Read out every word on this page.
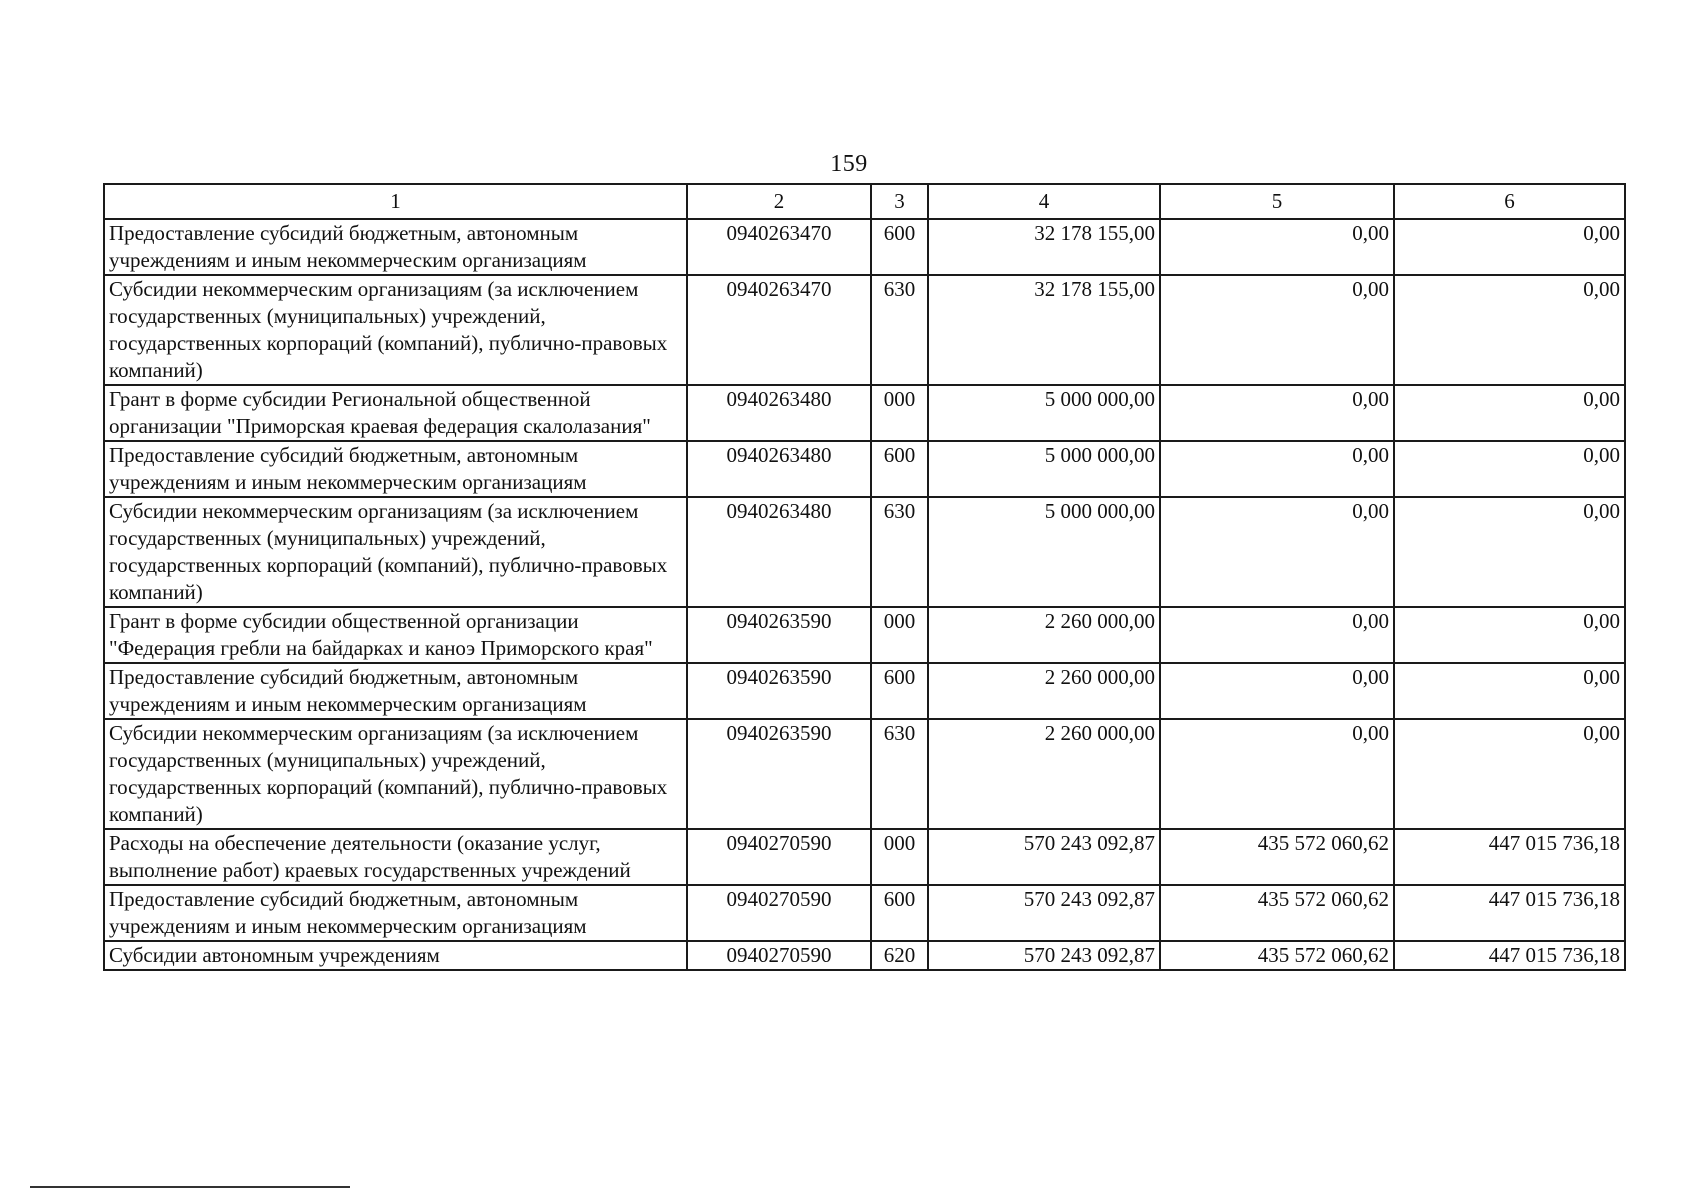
159
1	2	3	4	5	6
Предоставление субсидий бюджетным, автономным учреждениям и иным некоммерческим организациям	0940263470	600	32 178 155,00	0,00	0,00
Субсидии некоммерческим организациям (за исключением государственных (муниципальных) учреждений, государственных корпораций (компаний), публично-правовых компаний)	0940263470	630	32 178 155,00	0,00	0,00
Грант в форме субсидии Региональной общественной организации "Приморская краевая федерация скалолазания"	0940263480	000	5 000 000,00	0,00	0,00
Предоставление субсидий бюджетным, автономным учреждениям и иным некоммерческим организациям	0940263480	600	5 000 000,00	0,00	0,00
Субсидии некоммерческим организациям (за исключением государственных (муниципальных) учреждений, государственных корпораций (компаний), публично-правовых компаний)	0940263480	630	5 000 000,00	0,00	0,00
Грант в форме субсидии общественной организации "Федерация гребли на байдарках и каноэ Приморского края"	0940263590	000	2 260 000,00	0,00	0,00
Предоставление субсидий бюджетным, автономным учреждениям и иным некоммерческим организациям	0940263590	600	2 260 000,00	0,00	0,00
Субсидии некоммерческим организациям (за исключением государственных (муниципальных) учреждений, государственных корпораций (компаний), публично-правовых компаний)	0940263590	630	2 260 000,00	0,00	0,00
Расходы на обеспечение деятельности (оказание услуг, выполнение работ) краевых государственных учреждений	0940270590	000	570 243 092,87	435 572 060,62	447 015 736,18
Предоставление субсидий бюджетным, автономным учреждениям и иным некоммерческим организациям	0940270590	600	570 243 092,87	435 572 060,62	447 015 736,18
Субсидии автономным учреждениям	0940270590	620	570 243 092,87	435 572 060,62	447 015 736,18
